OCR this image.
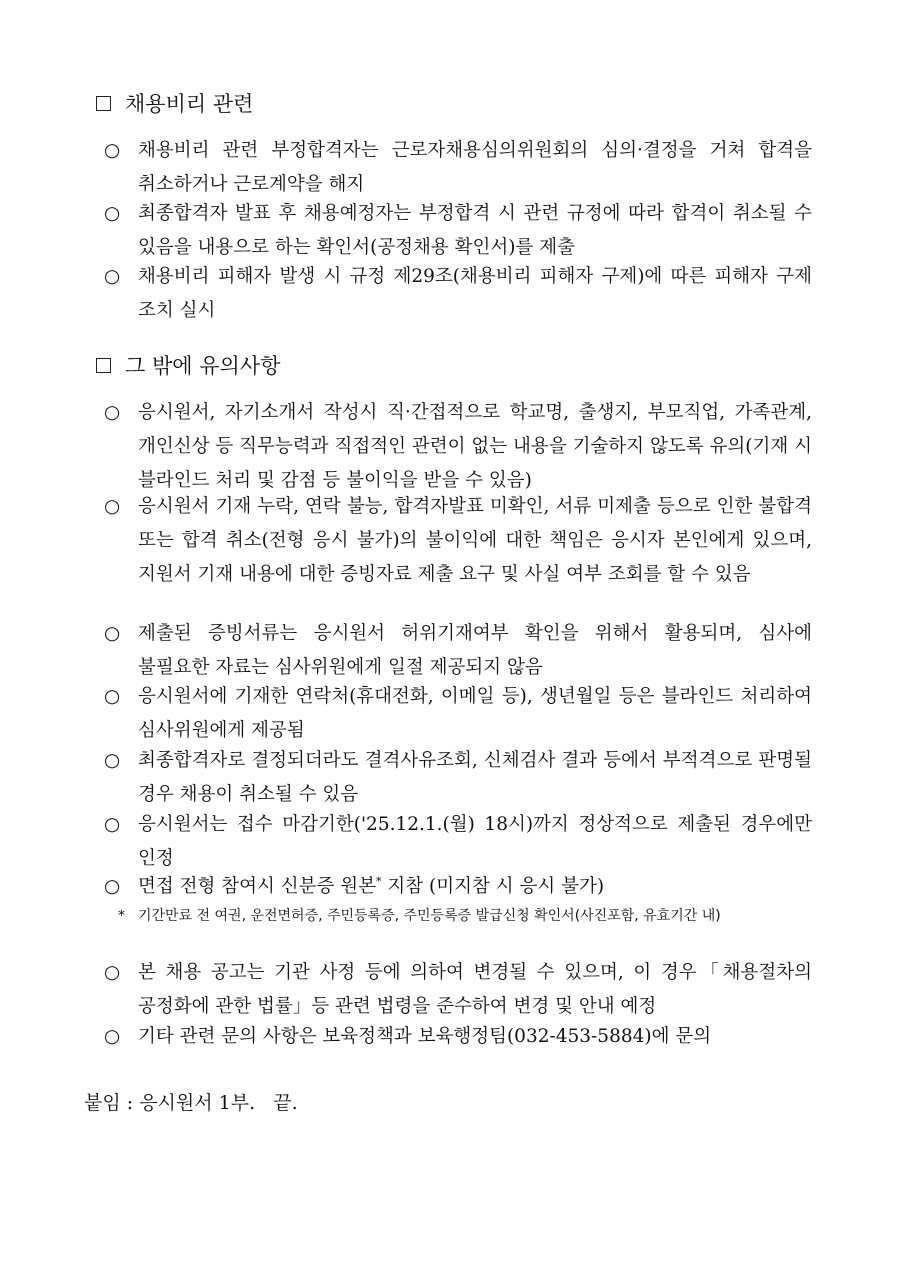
채용비리 관련
○ 채용비리 관련 부정합격자는 근로자채용심의위원회의 심의·결정을 거쳐 합격을 취소하거나 근로계약을 해지
○ 최종합격자 발표 후 채용예정자는 부정합격 시 관련 규정에 따라 합격이 취소될 수 있음을 내용으로 하는 확인서(공정채용 확인서)를 제출
○ 채용비리 피해자 발생 시 규정 제29조(채용비리 피해자 구제)에 따른 피해자 구제 조치 실시
그 밖에 유의사항
○ 응시원서, 자기소개서 작성시 직·간접적으로 학교명, 출생지, 부모직업, 가족관계, 개인신상 등 직무능력과 직접적인 관련이 없는 내용을 기술하지 않도록 유의(기재 시 블라인드 처리 및 감점 등 불이익을 받을 수 있음)
○ 응시원서 기재 누락, 연락 불능, 합격자발표 미확인, 서류 미제출 등으로 인한 불합격 또는 합격 취소(전형 응시 불가)의 불이익에 대한 책임은 응시자 본인에게 있으며, 지원서 기재 내용에 대한 증빙자료 제출 요구 및 사실 여부 조회를 할 수 있음
○ 제출된 증빙서류는 응시원서 허위기재여부 확인을 위해서 활용되며, 심사에 불필요한 자료는 심사위원에게 일절 제공되지 않음
○ 응시원서에 기재한 연락처(휴대전화, 이메일 등), 생년월일 등은 블라인드 처리하여 심사위원에게 제공됨
○ 최종합격자로 결정되더라도 결격사유조회, 신체검사 결과 등에서 부적격으로 판명될 경우 채용이 취소될 수 있음
○ 응시원서는 접수 마감기한('25.12.1.(월) 18시)까지 정상적으로 제출된 경우에만 인정
○ 면접 전형 참여시 신분증 원본* 지참 (미지참 시 응시 불가)
* 기간만료 전 여권, 운전면허증, 주민등록증, 주민등록증 발급신청 확인서(사진포함, 유효기간 내)
○ 본 채용 공고는 기관 사정 등에 의하여 변경될 수 있으며, 이 경우「채용절차의 공정화에 관한 법률」등 관련 법령을 준수하여 변경 및 안내 예정
○ 기타 관련 문의 사항은 보육정책과 보육행정팀(032-453-5884)에 문의
붙임 : 응시원서 1부.   끝.
